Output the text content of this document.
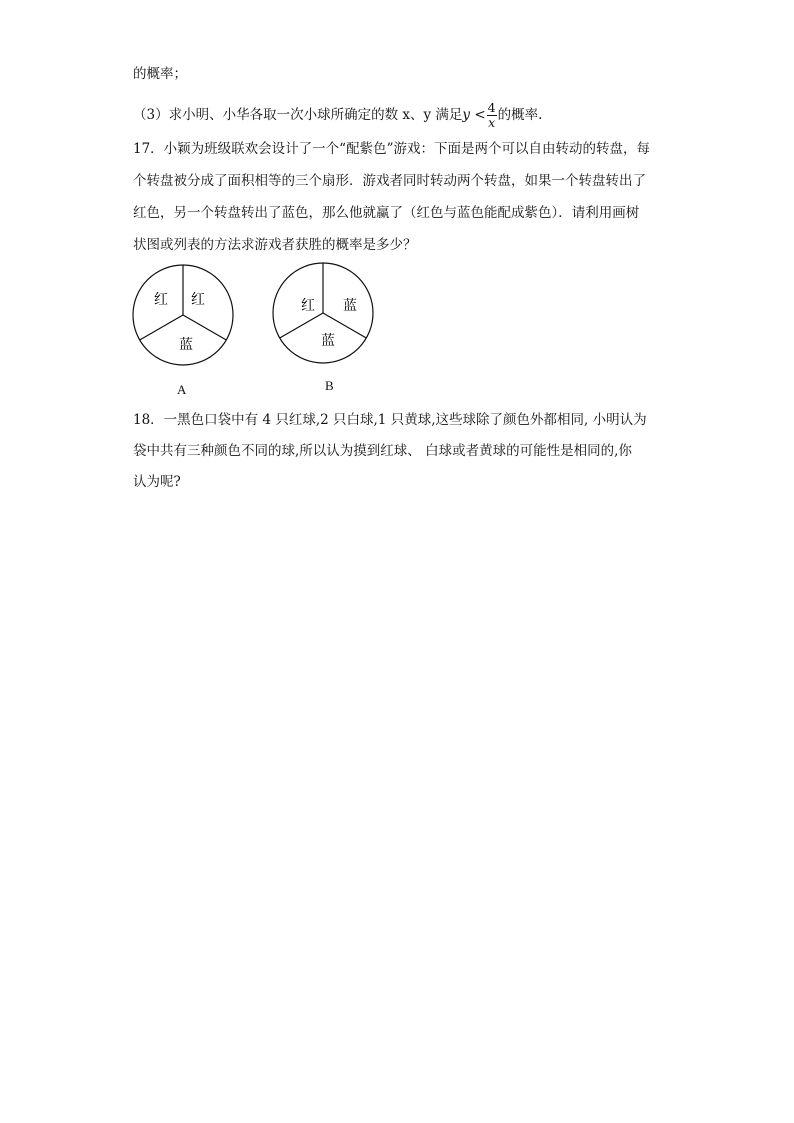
的概率；
（3）求小明、小华各取一次小球所确定的数 x、y 满足$y < \frac{4}{x}$ 的概率.
17．小颖为班级联欢会设计了一个“配紫色”游戏：下面是两个可以自由转动的转盘，每
个转盘被分成了面积相等的三个扇形．游戏者同时转动两个转盘，如果一个转盘转出了
红色，另一个转盘转出了蓝色，那么他就赢了（红色与蓝色能配成紫色）．请利用画树
状图或列表的方法求游戏者获胜的概率是多少？
红 红
蓝
A
红 蓝
蓝
B
18．一黑色口袋中有 4 只红球,2 只白球,1 只黄球,这些球除了颜色外都相同, 小明认为
袋中共有三种颜色不同的球,所以认为摸到红球、 白球或者黄球的可能性是相同的,你
认为呢?
